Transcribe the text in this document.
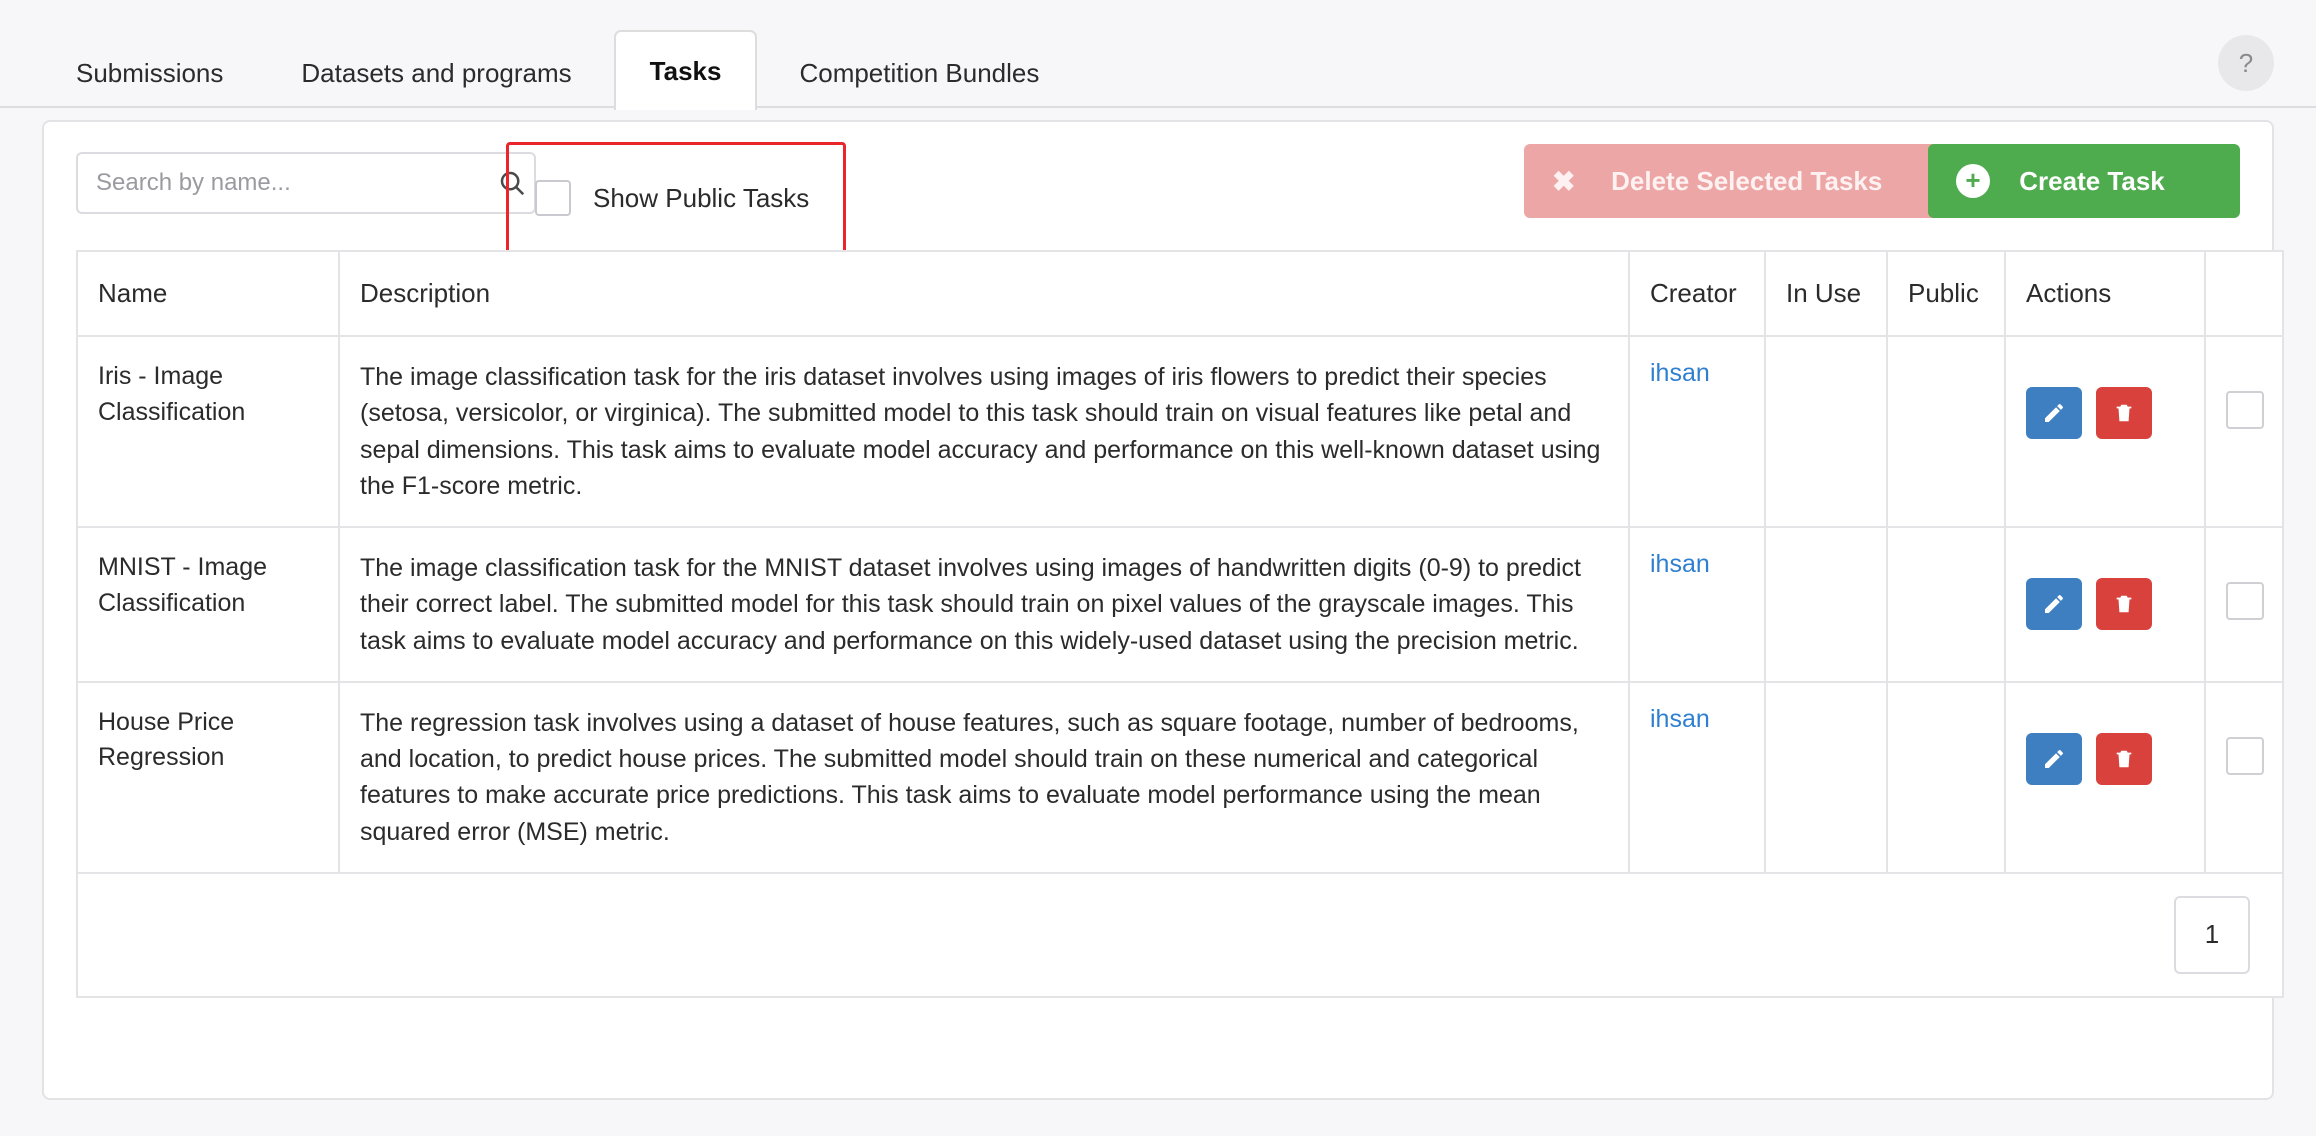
Submissions	Datasets and programs	Tasks	Competition Bundles	?
Search by name...
Show Public Tasks
✖	Delete Selected Tasks	+	Create Task
Name	Description	Creator	In Use	Public	Actions	
Iris - Image Classification	The image classification task for the iris dataset involves using images of iris flowers to predict their species (setosa, versicolor, or virginica). The submitted model to this task should train on visual features like petal and sepal dimensions. This task aims to evaluate model accuracy and performance on this well-known dataset using the F1-score metric.	ihsan			

MNIST - Image Classification	The image classification task for the MNIST dataset involves using images of handwritten digits (0-9) to predict their correct label. The submitted model for this task should train on pixel values of the grayscale images. This task aims to evaluate model accuracy and performance on this widely-used dataset using the precision metric.	ihsan			

House Price Regression	The regression task involves using a dataset of house features, such as square footage, number of bedrooms, and location, to predict house prices. The submitted model should train on these numerical and categorical features to make accurate price predictions. This task aims to evaluate model performance using the mean squared error (MSE) metric.	ihsan			

1						
